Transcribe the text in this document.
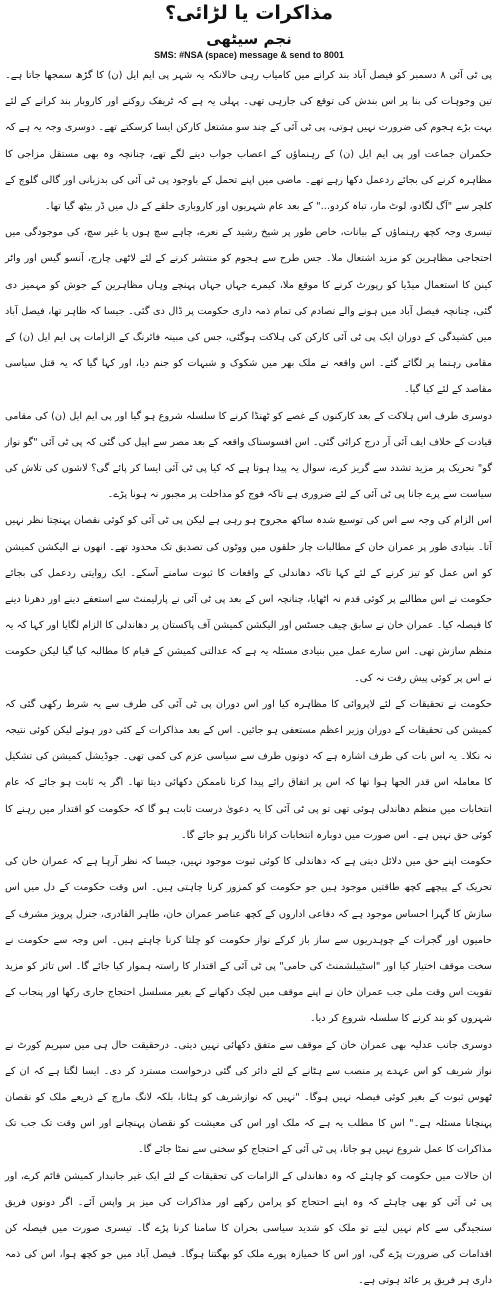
مذاکرات یا لڑائی؟
نجم سیٹھی
SMS: #NSA (space) message & send to 8001

پی ٹی آئی ۸ دسمبر کو فیصل آباد بند کرانے میں کامیاب رہی حالانکہ یہ شہر پی ایم ایل (ن) کا گڑھ سمجھا جاتا ہے۔ تین وجوہات کی بنا پر اس بندش کی توقع کی جارہی تھی۔ پہلی یہ ہے کہ ٹریفک روکنے اور کاروبار بند کرانے کے لئے بہت بڑے ہجوم کی ضرورت نہیں ہوتی، پی ٹی آئی کے چند سو مشتعل کارکن ایسا کرسکتے تھے۔ دوسری وجہ یہ ہے کہ حکمران جماعت اور پی ایم ایل (ن) کے رہنماؤں کے اعصاب جواب دینے لگے تھے، چنانچہ وہ بھی مستقل مزاجی کا مظاہرہ کرنے کی بجائے ردعمل دکھا رہے تھے۔ ماضی میں اپنے تحمل کے باوجود پی ٹی آئی کی بدزبانی اور گالی گلوچ کے کلچر سے "آگ لگادو، لوٹ مار، تباہ کردو..." کے بعد عام شہریوں اور کاروباری حلقے کے دل میں ڈر بیٹھ گیا تھا۔

تیسری وجہ کچھ رہنماؤں کے بیانات، خاص طور پر شیخ رشید کے نعرے، چاہے سچ ہوں یا غیر سچ، کی موجودگی میں احتجاجی مظاہرین کو مزید اشتعال ملا۔ جس طرح سے ہجوم کو منتشر کرنے کے لئے لاٹھی چارج، آنسو گیس اور واٹر کینن کا استعمال میڈیا کو رپورٹ کرنے کا موقع ملا، کیمرے جہاں جہاں پہنچے وہاں مظاہرین کے جوش کو مہمیز دی گئی، چنانچہ فیصل آباد میں ہونے والے تصادم کی تمام ذمہ داری حکومت پر ڈال دی گئی۔ جیسا کہ ظاہر تھا، فیصل آباد میں کشیدگی کے دوران ایک پی ٹی آئی کارکن کی ہلاکت ہوگئی، جس کی مبینہ فائرنگ کے الزامات پی ایم ایل (ن) کے مقامی رہنما پر لگائے گئے۔ اس واقعہ نے ملک بھر میں شکوک و شبہات کو جنم دیا، اور کہا گیا کہ یہ قتل سیاسی مقاصد کے لئے کیا گیا۔

دوسری طرف اس ہلاکت کے بعد کارکنوں کے غصے کو ٹھنڈا کرنے کا سلسلہ شروع ہو گیا اور پی ایم ایل (ن) کی مقامی قیادت کے خلاف ایف آئی آر درج کرائی گئی۔ اس افسوسناک واقعہ کے بعد مصر سے اپیل کی گئی کہ پی ٹی آئی "گو نواز گو" تحریک پر مزید تشدد سے گریز کرے، سوال یہ پیدا ہوتا ہے کہ کیا پی ٹی آئی ایسا کر پائے گی؟ لاشوں کی تلاش کی سیاست سے پرے جانا پی ٹی آئی کے لئے ضروری ہے تاکہ فوج کو مداخلت پر مجبور نہ ہونا پڑے۔

اس الزام کی وجہ سے اس کی توسیع شدہ ساکھ مجروح ہو رہی ہے لیکن پی ٹی آئی کو کوئی نقصان پہنچتا نظر نہیں آتا۔ بنیادی طور پر عمران خان کے مطالبات چار حلقوں میں ووٹوں کی تصدیق تک محدود تھے۔ انھوں نے الیکشن کمیشن کو اس عمل کو تیز کرنے کے لئے کہا تاکہ دھاندلی کے واقعات کا ثبوت سامنے آسکے۔ ایک روایتی ردعمل کی بجائے حکومت نے اس مطالبے پر کوئی قدم نہ اٹھایا، چنانچہ اس کے بعد پی ٹی آئی نے پارلیمنٹ سے استعفے دینے اور دھرنا دینے کا فیصلہ کیا۔ عمران خان نے سابق چیف جسٹس اور الیکشن کمیشن آف پاکستان پر دھاندلی کا الزام لگایا اور کہا کہ یہ منظم سازش تھی۔ اس سارے عمل میں بنیادی مسئلہ یہ ہے کہ عدالتی کمیشن کے قیام کا مطالبہ کیا گیا لیکن حکومت نے اس پر کوئی پیش رفت نہ کی۔

حکومت نے تحقیقات کے لئے لاپروائی کا مظاہرہ کیا اور اس دوران پی ٹی آئی کی طرف سے یہ شرط رکھی گئی کہ کمیشن کی تحقیقات کے دوران وزیر اعظم مستعفی ہو جائیں۔ اس کے بعد مذاکرات کے کئی دور ہوئے لیکن کوئی نتیجہ نہ نکلا۔ یہ اس بات کی طرف اشارہ ہے کہ دونوں طرف سے سیاسی عزم کی کمی تھی۔ جوڈیشل کمیشن کی تشکیل کا معاملہ اس قدر الجھا ہوا تھا کہ اس پر اتفاق رائے پیدا کرنا ناممکن دکھائی دیتا تھا۔ اگر یہ ثابت ہو جائے کہ عام انتخابات میں منظم دھاندلی ہوئی تھی تو پی ٹی آئی کا یہ دعویٰ درست ثابت ہو گا کہ حکومت کو اقتدار میں رہنے کا کوئی حق نہیں ہے۔ اس صورت میں دوبارہ انتخابات کرانا ناگزیر ہو جائے گا۔

حکومت اپنے حق میں دلائل دیتی ہے کہ دھاندلی کا کوئی ثبوت موجود نہیں، جیسا کہ نظر آرہا ہے کہ عمران خان کی تحریک کے پیچھے کچھ طاقتیں موجود ہیں جو حکومت کو کمزور کرنا چاہتی ہیں۔ اس وقت حکومت کے دل میں اس سازش کا گہرا احساس موجود ہے کہ دفاعی اداروں کے کچھ عناصر عمران خان، طاہر القادری، جنرل پرویز مشرف کے حامیوں اور گجرات کے چوہدریوں سے ساز باز کرکے نواز حکومت کو چلتا کرنا چاہتے ہیں۔ اس وجہ سے حکومت نے سخت موقف اختیار کیا اور "اسٹیبلشمنٹ کی حامی" پی ٹی آئی کے اقتدار کا راستہ ہموار کیا جائے گا۔ اس تاثر کو مزید تقویت اس وقت ملی جب عمران خان نے اپنے موقف میں لچک دکھانے کے بغیر مسلسل احتجاج جاری رکھا اور پنجاب کے شہروں کو بند کرنے کا سلسلہ شروع کر دیا۔

دوسری جانب عدلیہ بھی عمران خان کے موقف سے متفق دکھائی نہیں دیتی۔ درحقیقت حال ہی میں سپریم کورٹ نے نواز شریف کو اس عہدے پر منصب سے ہٹانے کے لئے دائر کی گئی درخواست مسترد کر دی۔ ایسا لگتا ہے کہ ان کے ٹھوس ثبوت کے بغیر کوئی فیصلہ نہیں ہوگا۔ "نہیں کہ نوازشریف کو ہٹانا، بلکہ لانگ مارچ کے ذریعے ملک کو نقصان پہنچانا مسئلہ ہے۔" اس کا مطلب یہ ہے کہ ملک اور اس کی معیشت کو نقصان پہنچانے اور اس وقت تک جب تک مذاکرات کا عمل شروع نہیں ہو جاتا، پی ٹی آئی کے احتجاج کو سختی سے نمٹا جائے گا۔

ان حالات میں حکومت کو چاہئے کہ وہ دھاندلی کے الزامات کی تحقیقات کے لئے ایک غیر جانبدار کمیشن قائم کرے، اور پی ٹی آئی کو بھی چاہئے کہ وہ اپنے احتجاج کو پرامن رکھے اور مذاکرات کی میز پر واپس آئے۔ اگر دونوں فریق سنجیدگی سے کام نہیں لیتے تو ملک کو شدید سیاسی بحران کا سامنا کرنا پڑے گا۔ تیسری صورت میں فیصلہ کن اقدامات کی ضرورت پڑے گی، اور اس کا خمیازہ پورے ملک کو بھگتنا ہوگا۔ فیصل آباد میں جو کچھ ہوا، اس کی ذمہ داری ہر فریق پر عائد ہوتی ہے۔
